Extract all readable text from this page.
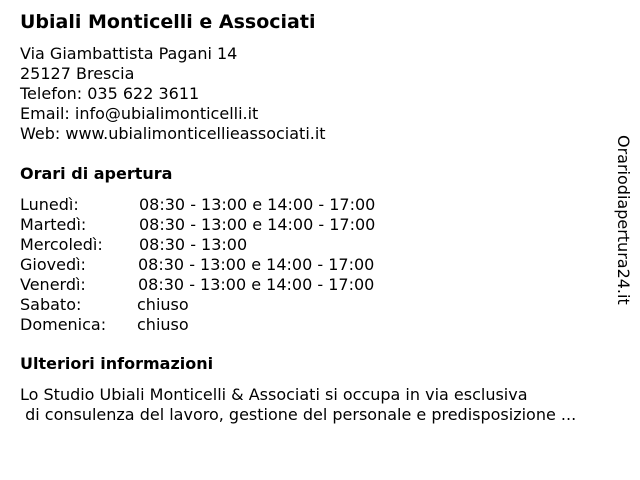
Ubiali Monticelli e Associati
Via Giambattista Pagani 14
25127 Brescia
Telefon: 035 622 3611
Email: info@ubialimonticelli.it
Web: www.ubialimonticellieassociati.it
Orari di apertura
Lunedì:	08:30 - 13:00 e 14:00 - 17:00
Martedì:	08:30 - 13:00 e 14:00 - 17:00
Mercoledì: 08:30 - 13:00
Giovedì:	08:30 - 13:00 e 14:00 - 17:00
Venerdì:	08:30 - 13:00 e 14:00 - 17:00
Sabato:	chiuso
Domenica: chiuso
Ulteriori informazioni
Lo Studio Ubiali Monticelli & Associati si occupa in via esclusiva
di consulenza del lavoro, gestione del personale e predisposizione ...
Orariodiapertura24.it
